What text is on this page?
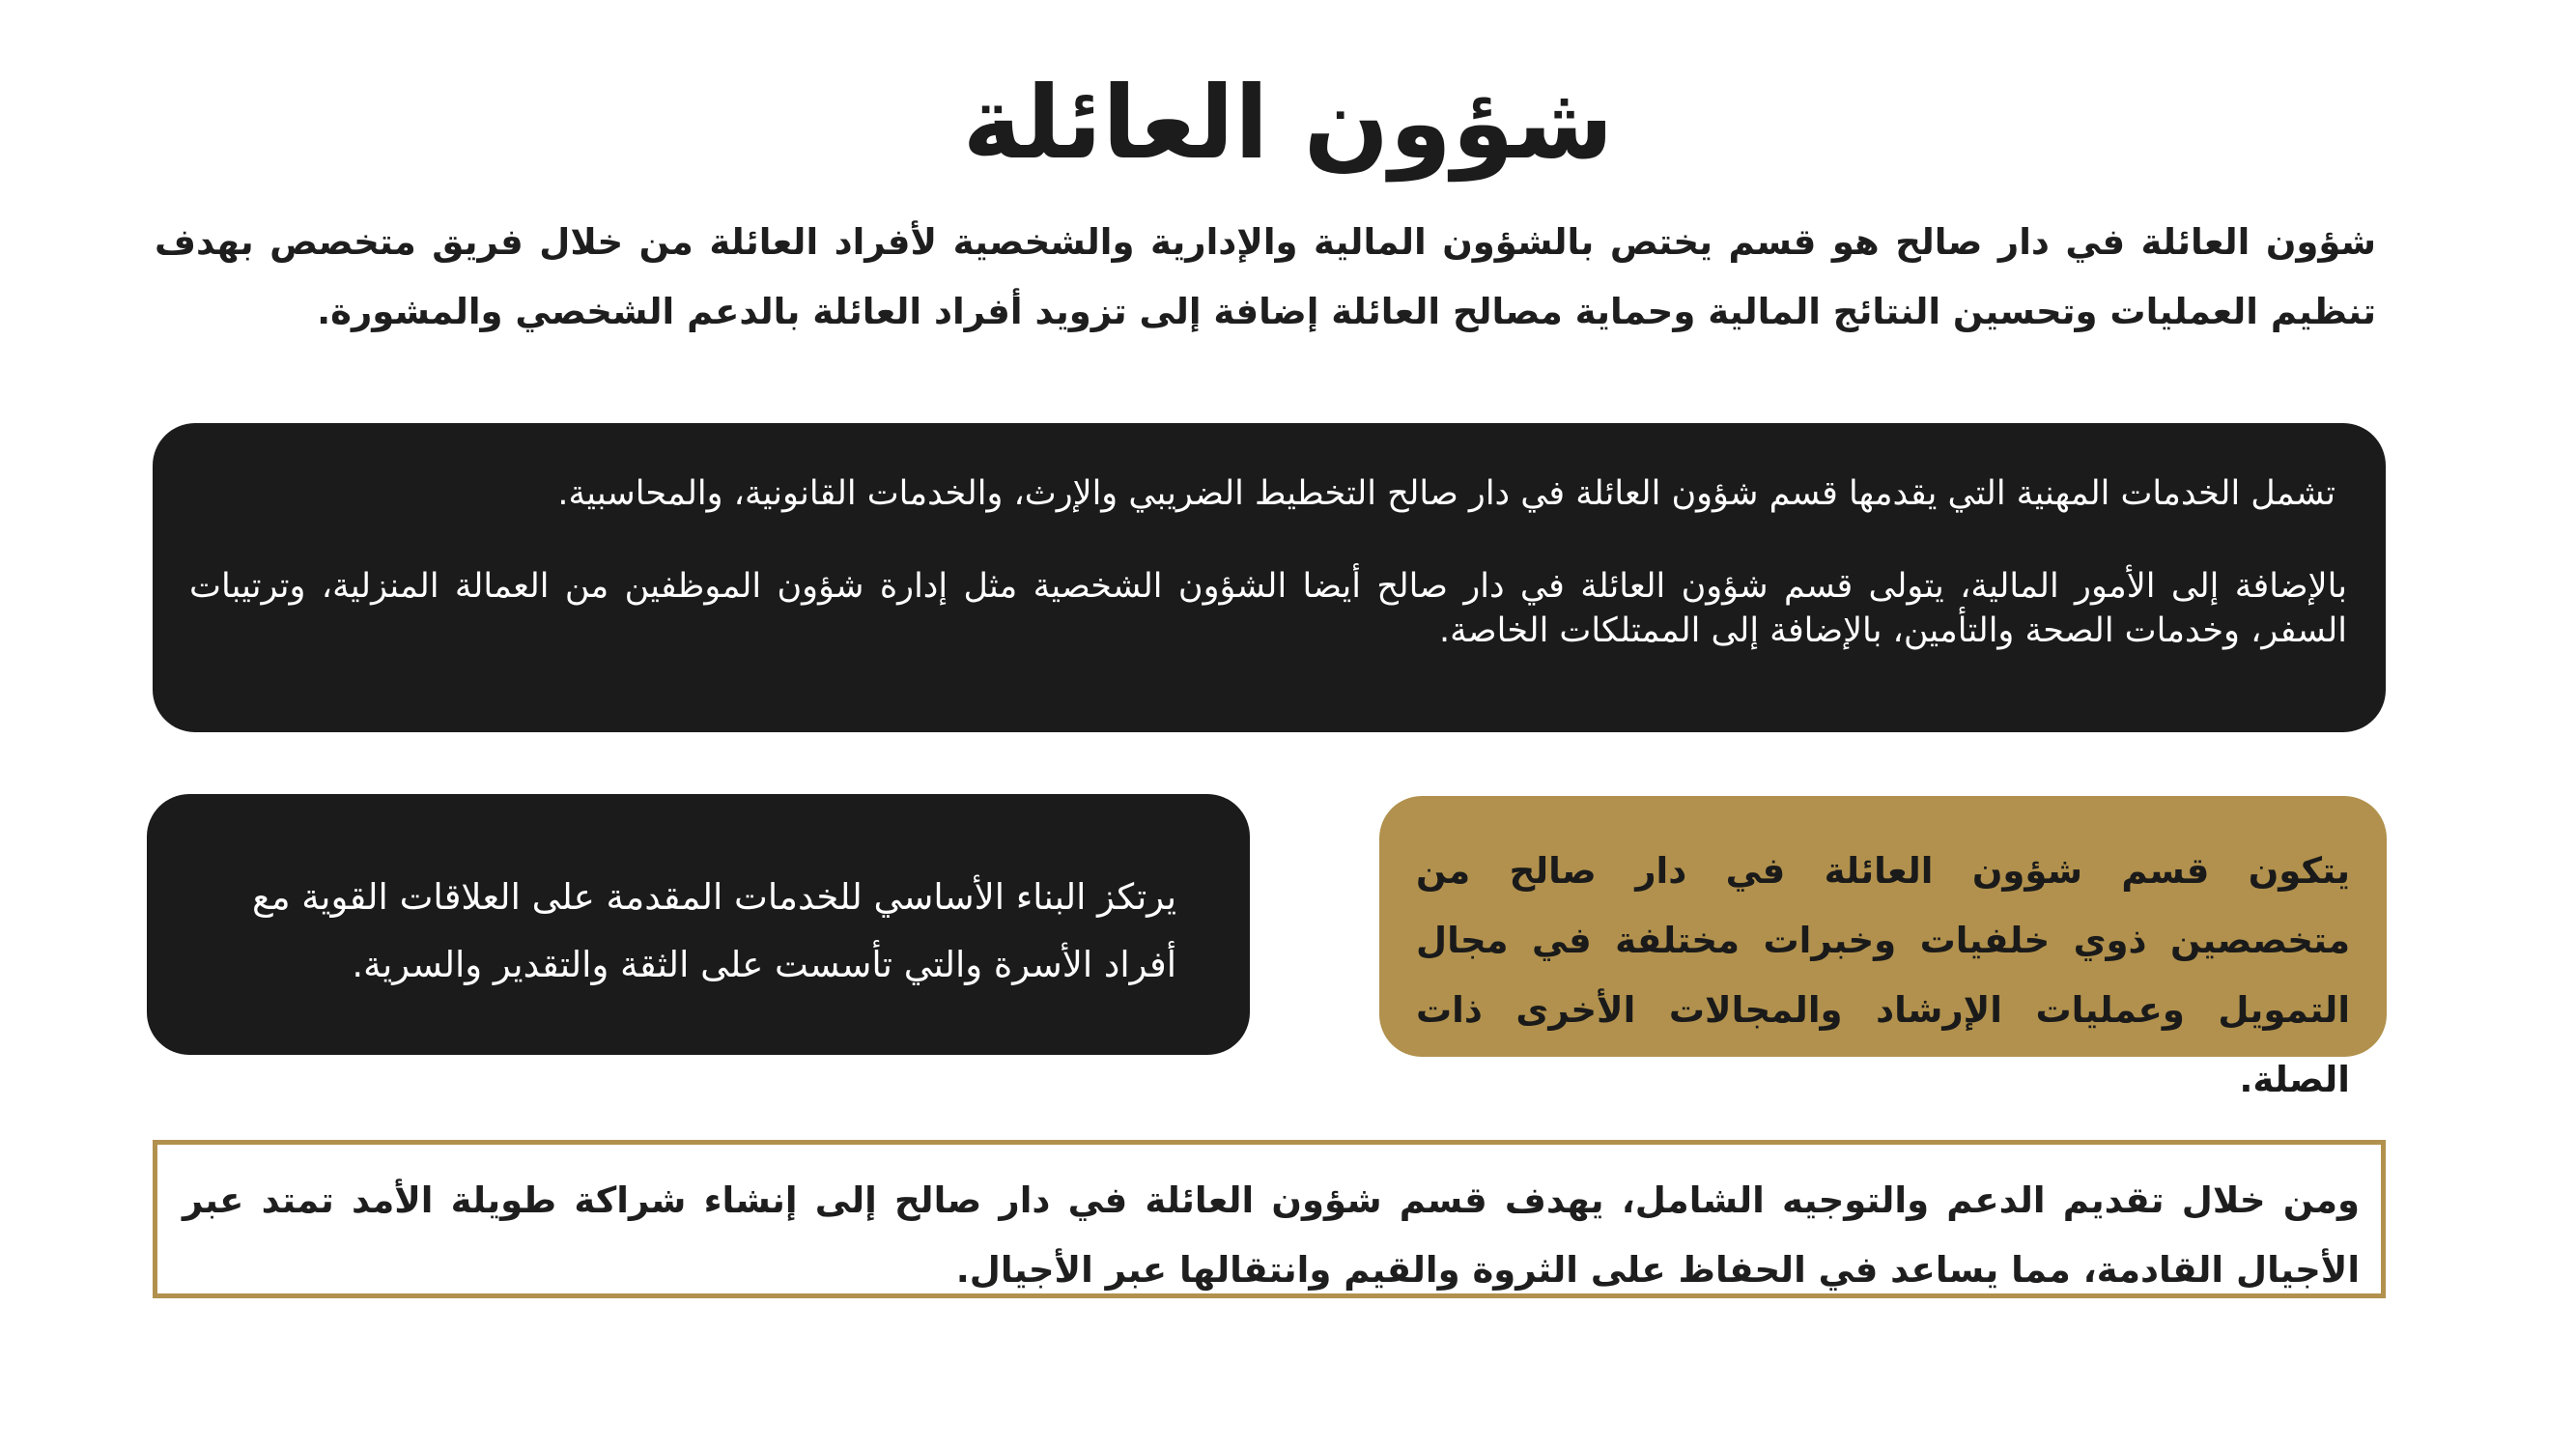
شؤون العائلة
شؤون العائلة في دار صالح هو قسم يختص بالشؤون المالية والإدارية والشخصية لأفراد العائلة من خلال فريق متخصص بهدف تنظيم العمليات وتحسين النتائج المالية وحماية مصالح العائلة إضافة إلى تزويد أفراد العائلة بالدعم الشخصي والمشورة.

تشمل الخدمات المهنية التي يقدمها قسم شؤون العائلة في دار صالح التخطيط الضريبي والإرث، والخدمات القانونية، والمحاسبية.

بالإضافة إلى الأمور المالية، يتولى قسم شؤون العائلة في دار صالح أيضا الشؤون الشخصية مثل إدارة شؤون الموظفين من العمالة المنزلية، وترتيبات السفر، وخدمات الصحة والتأمين، بالإضافة إلى الممتلكات الخاصة.

يرتكز البناء الأساسي للخدمات المقدمة على العلاقات القوية مع أفراد الأسرة والتي تأسست على الثقة والتقدير والسرية.
يتكون قسم شؤون العائلة في دار صالح من متخصصين ذوي خلفيات وخبرات مختلفة في مجال التمويل وعمليات الإرشاد والمجالات الأخرى ذات الصلة.
ومن خلال تقديم الدعم والتوجيه الشامل، يهدف قسم شؤون العائلة في دار صالح إلى إنشاء شراكة طويلة الأمد تمتد عبر الأجيال القادمة، مما يساعد في الحفاظ على الثروة والقيم وانتقالها عبر الأجيال.
